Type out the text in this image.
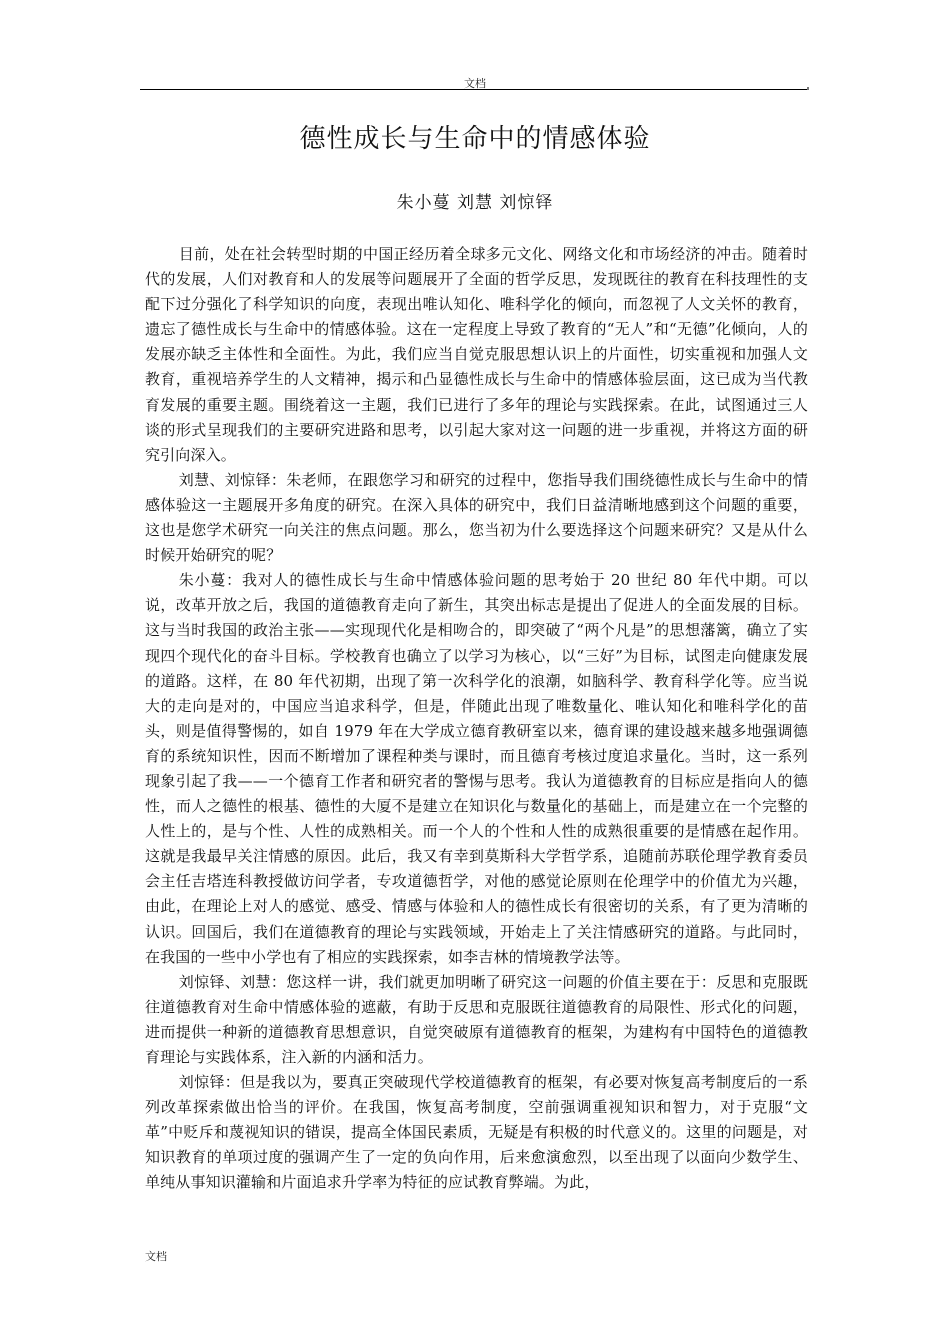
文档
德性成长与生命中的情感体验
朱小蔓 刘慧 刘惊铎

目前，处在社会转型时期的中国正经历着全球多元文化、网络文化和市场经济的冲击。随着时代的发展，人们对教育和人的发展等问题展开了全面的哲学反思，发现既往的教育在科技理性的支配下过分强化了科学知识的向度，表现出唯认知化、唯科学化的倾向，而忽视了人文关怀的教育，遗忘了德性成长与生命中的情感体验。这在一定程度上导致了教育的“无人”和“无德”化倾向，人的发展亦缺乏主体性和全面性。为此，我们应当自觉克服思想认识上的片面性，切实重视和加强人文教育，重视培养学生的人文精神，揭示和凸显德性成长与生命中的情感体验层面，这已成为当代教育发展的重要主题。围绕着这一主题，我们已进行了多年的理论与实践探索。在此，试图通过三人谈的形式呈现我们的主要研究进路和思考，以引起大家对这一问题的进一步重视，并将这方面的研究引向深入。

刘慧、刘惊铎：朱老师，在跟您学习和研究的过程中，您指导我们围绕德性成长与生命中的情感体验这一主题展开多角度的研究。在深入具体的研究中，我们日益清晰地感到这个问题的重要，这也是您学术研究一向关注的焦点问题。那么，您当初为什么要选择这个问题来研究？又是从什么时候开始研究的呢？

朱小蔓：我对人的德性成长与生命中情感体验问题的思考始于 20 世纪 80 年代中期。可以说，改革开放之后，我国的道德教育走向了新生，其突出标志是提出了促进人的全面发展的目标。这与当时我国的政治主张——实现现代化是相吻合的，即突破了“两个凡是”的思想藩篱，确立了实现四个现代化的奋斗目标。学校教育也确立了以学习为核心，以“三好”为目标，试图走向健康发展的道路。这样，在 80 年代初期，出现了第一次科学化的浪潮，如脑科学、教育科学化等。应当说大的走向是对的，中国应当追求科学，但是，伴随此出现了唯数量化、唯认知化和唯科学化的苗头，则是值得警惕的，如自 1979 年在大学成立德育教研室以来，德育课的建设越来越多地强调德育的系统知识性，因而不断增加了课程种类与课时，而且德育考核过度追求量化。当时，这一系列现象引起了我——一个德育工作者和研究者的警惕与思考。我认为道德教育的目标应是指向人的德性，而人之德性的根基、德性的大厦不是建立在知识化与数量化的基础上，而是建立在一个完整的人性上的，是与个性、人性的成熟相关。而一个人的个性和人性的成熟很重要的是情感在起作用。这就是我最早关注情感的原因。此后，我又有幸到莫斯科大学哲学系，追随前苏联伦理学教育委员会主任吉塔连科教授做访问学者，专攻道德哲学，对他的感觉论原则在伦理学中的价值尤为兴趣，由此，在理论上对人的感觉、感受、情感与体验和人的德性成长有很密切的关系，有了更为清晰的认识。回国后，我们在道德教育的理论与实践领域，开始走上了关注情感研究的道路。与此同时，在我国的一些中小学也有了相应的实践探索，如李吉林的情境教学法等。

刘惊铎、刘慧：您这样一讲，我们就更加明晰了研究这一问题的价值主要在于：反思和克服既往道德教育对生命中情感体验的遮蔽，有助于反思和克服既往道德教育的局限性、形式化的问题，进而提供一种新的道德教育思想意识，自觉突破原有道德教育的框架，为建构有中国特色的道德教育理论与实践体系，注入新的内涵和活力。

刘惊铎：但是我以为，要真正突破现代学校道德教育的框架，有必要对恢复高考制度后的一系列改革探索做出恰当的评价。在我国，恢复高考制度，空前强调重视知识和智力，对于克服“文革”中贬斥和蔑视知识的错误，提高全体国民素质，无疑是有积极的时代意义的。这里的问题是，对知识教育的单项过度的强调产生了一定的负向作用，后来愈演愈烈，以至出现了以面向少数学生、单纯从事知识灌输和片面追求升学率为特征的应试教育弊端。为此，

文档
